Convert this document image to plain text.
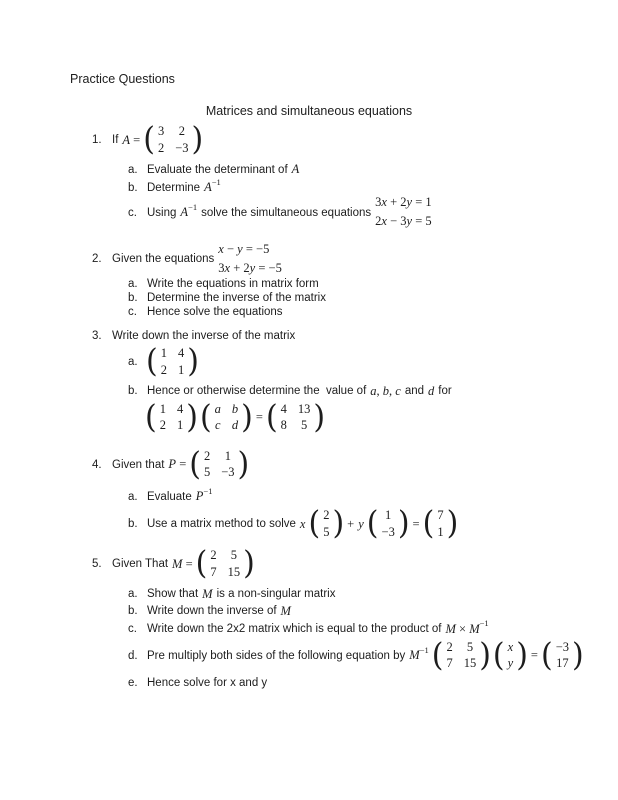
Practice Questions
Matrices and simultaneous equations
1. If A = ( 3 2
2 −3 )
a. Evaluate the determinant of A
b. Determine $A^{-1}$
c. Using $A^{-1}$ solve the simultaneous equations
3x + 2y = 1
2x − 3y = 5
2. Given the equations
x − y = −5
3x + 2y = −5
a. Write the equations in matrix form
b. Determine the inverse of the matrix
c. Hence solve the equations
3. Write down the inverse of the matrix
a. ( 1 4
2 1 )
b. Hence or otherwise determine the  value of a, b, c and d for
( 1 4
2 1 ) ( a b
c d ) = ( 4 13
8 5 )
4. Given that P = ( 2 1
5 −3 )
a. Evaluate $P^{-1}$
b. Use a matrix method to solve x ( 2
5 ) + y ( 1
−3 ) = ( 7
1 )
5. Given That M = ( 2 5
7 15 )
a. Show that M is a non-singular matrix
b. Write down the inverse of M
c. Write down the 2x2 matrix which is equal to the product of $M \times M^{-1}$
d. Pre multiply both sides of the following equation by $M^{-1}$ ( 2 5
7 15 ) ( x
y ) = ( −3
17 )
e. Hence solve for x and y
